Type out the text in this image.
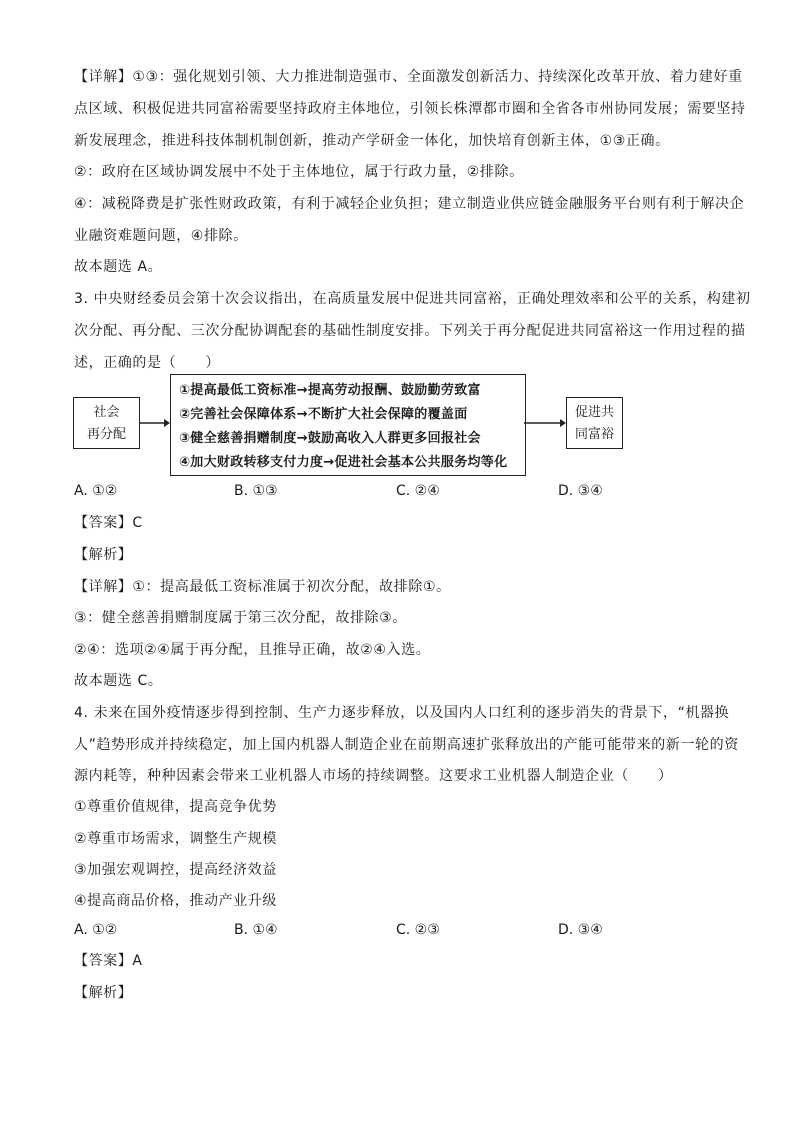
【详解】①③：强化规划引领、大力推进制造强市、全面激发创新活力、持续深化改革开放、着力建好重
点区域、积极促进共同富裕需要坚持政府主体地位，引领长株潭都市圈和全省各市州协同发展；需要坚持
新发展理念，推进科技体制机制创新，推动产学研金一体化，加快培育创新主体，①③正确。
②：政府在区域协调发展中不处于主体地位，属于行政力量，②排除。
④：减税降费是扩张性财政政策，有利于减轻企业负担；建立制造业供应链金融服务平台则有利于解决企
业融资难题问题，④排除。
故本题选 A。
3. 中央财经委员会第十次会议指出，在高质量发展中促进共同富裕，正确处理效率和公平的关系，构建初
次分配、再分配、三次分配协调配套的基础性制度安排。下列关于再分配促进共同富裕这一作用过程的描
述，正确的是（　　）
社会
再分配
①提高最低工资标准→提高劳动报酬、鼓励勤劳致富
②完善社会保障体系→不断扩大社会保障的覆盖面
③健全慈善捐赠制度→鼓励高收入人群更多回报社会
④加大财政转移支付力度→促进社会基本公共服务均等化
促进共
同富裕
A. ①②	B. ①③	C. ②④	D. ③④
【答案】C
【解析】
【详解】①：提高最低工资标准属于初次分配，故排除①。
③：健全慈善捐赠制度属于第三次分配，故排除③。
②④：选项②④属于再分配，且推导正确，故②④入选。
故本题选 C。
4. 未来在国外疫情逐步得到控制、生产力逐步释放，以及国内人口红利的逐步消失的背景下，“机器换
人”趋势形成并持续稳定，加上国内机器人制造企业在前期高速扩张释放出的产能可能带来的新一轮的资
源内耗等，种种因素会带来工业机器人市场的持续调整。这要求工业机器人制造企业（　　）
①尊重价值规律，提高竞争优势
②尊重市场需求，调整生产规模
③加强宏观调控，提高经济效益
④提高商品价格，推动产业升级
A. ①②	B. ①④	C. ②③	D. ③④
【答案】A
【解析】
